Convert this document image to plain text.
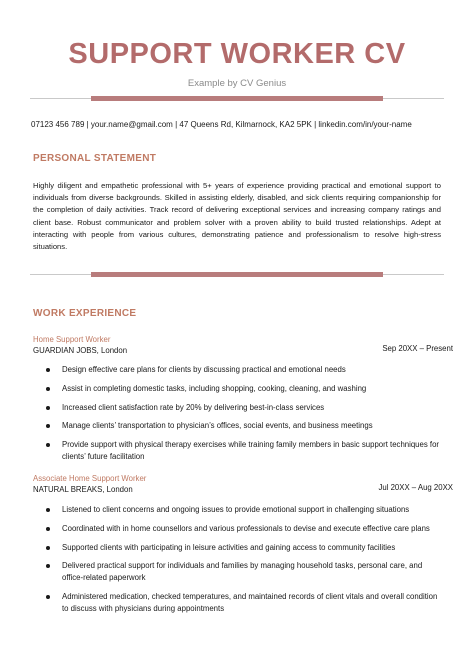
SUPPORT WORKER CV
Example by CV Genius
07123 456 789 | your.name@gmail.com | 47 Queens Rd, Kilmarnock, KA2 5PK | linkedin.com/in/your-name
PERSONAL STATEMENT
Highly diligent and empathetic professional with 5+ years of experience providing practical and emotional support to individuals from diverse backgrounds. Skilled in assisting elderly, disabled, and sick clients requiring companionship for the completion of daily activities. Track record of delivering exceptional services and increasing company ratings and client base. Robust communicator and problem solver with a proven ability to build trusted relationships. Adept at interacting with people from various cultures, demonstrating patience and professionalism to resolve high-stress situations.
WORK EXPERIENCE
Home Support Worker
GUARDIAN JOBS, London	Sep 20XX – Present
Design effective care plans for clients by discussing practical and emotional needs
Assist in completing domestic tasks, including shopping, cooking, cleaning, and washing
Increased client satisfaction rate by 20% by delivering best-in-class services
Manage clients’ transportation to physician’s offices, social events, and business meetings
Provide support with physical therapy exercises while training family members in basic support techniques for clients’ future facilitation
Associate Home Support Worker
NATURAL BREAKS, London	Jul 20XX – Aug 20XX
Listened to client concerns and ongoing issues to provide emotional support in challenging situations
Coordinated with in home counsellors and various professionals to devise and execute effective care plans
Supported clients with participating in leisure activities and gaining access to community facilities
Delivered practical support for individuals and families by managing household tasks, personal care, and office-related paperwork
Administered medication, checked temperatures, and maintained records of client vitals and overall condition to discuss with physicians during appointments
